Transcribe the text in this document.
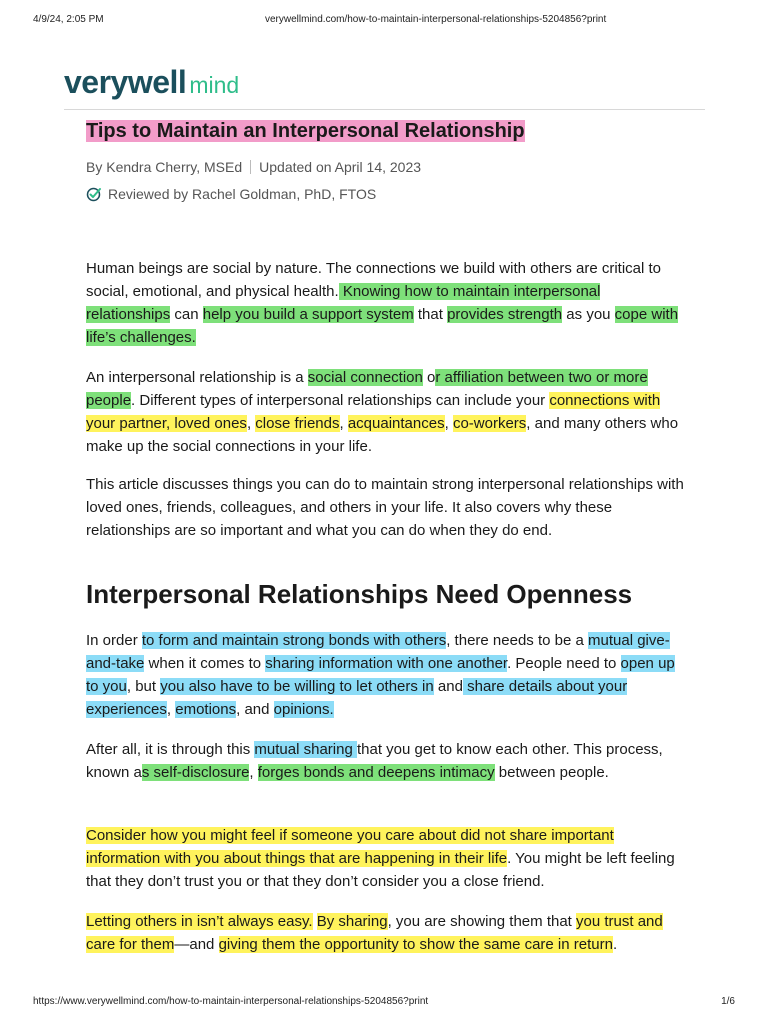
4/9/24, 2:05 PM	verywellmind.com/how-to-maintain-interpersonal-relationships-5204856?print
verywell mind
Tips to Maintain an Interpersonal Relationship
By Kendra Cherry, MSEd Updated on April 14, 2023
Reviewed by Rachel Goldman, PhD, FTOS

Human beings are social by nature. The connections we build with others are critical to social, emotional, and physical health. Knowing how to maintain interpersonal relationships can help you build a support system that provides strength as you cope with life’s challenges.

An interpersonal relationship is a social connection or affiliation between two or more people. Different types of interpersonal relationships can include your connections with your partner, loved ones, close friends, acquaintances, co-workers, and many others who make up the social connections in your life.

This article discusses things you can do to maintain strong interpersonal relationships with loved ones, friends, colleagues, and others in your life. It also covers why these relationships are so important and what you can do when they do end.

Interpersonal Relationships Need Openness

In order to form and maintain strong bonds with others, there needs to be a mutual give-and-take when it comes to sharing information with one another. People need to open up to you, but you also have to be willing to let others in and share details about your experiences, emotions, and opinions.

After all, it is through this mutual sharing that you get to know each other. This process, known as self-disclosure, forges bonds and deepens intimacy between people.

Consider how you might feel if someone you care about did not share important information with you about things that are happening in their life. You might be left feeling that they don’t trust you or that they don’t consider you a close friend.

Letting others in isn’t always easy. By sharing, you are showing them that you trust and care for them—and giving them the opportunity to show the same care in return.

https://www.verywellmind.com/how-to-maintain-interpersonal-relationships-5204856?print	1/6
